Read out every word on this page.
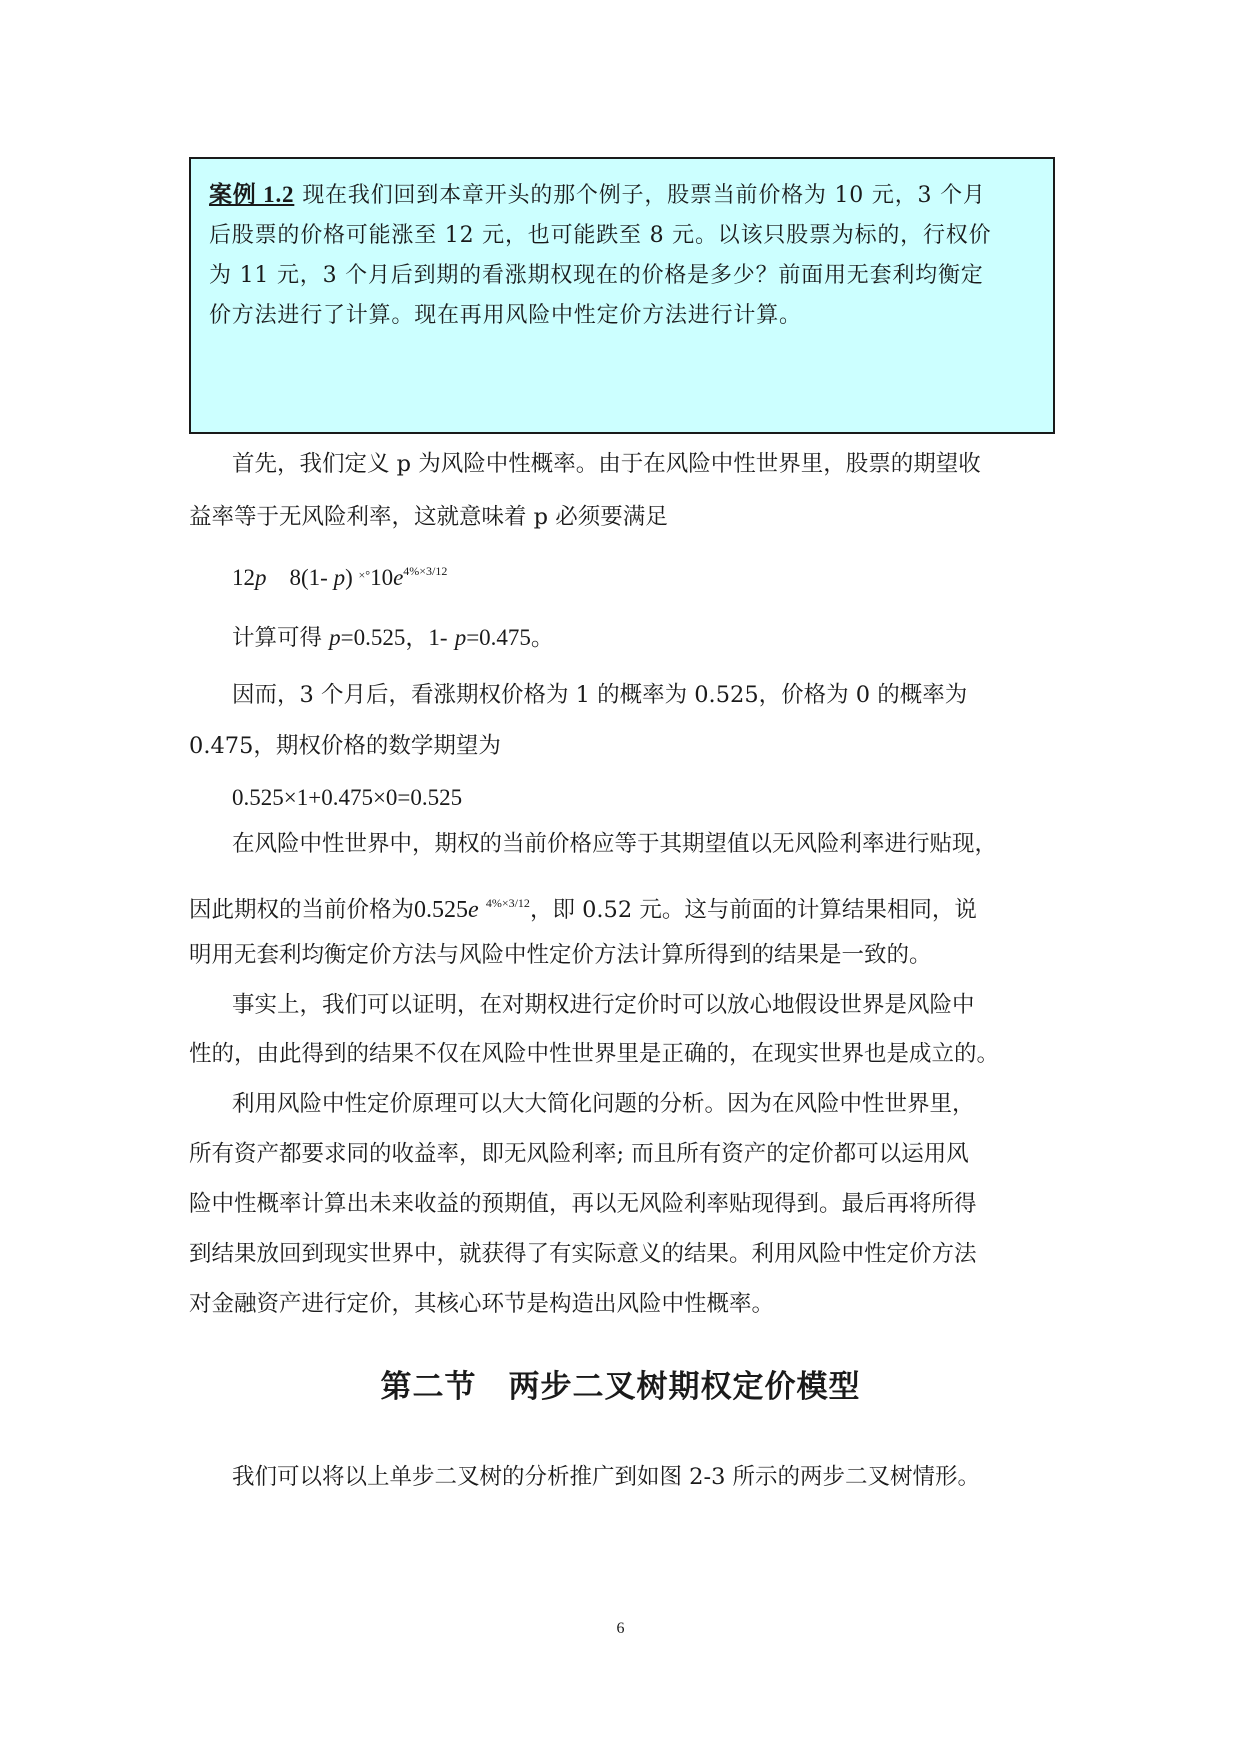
案例 1.2 现在我们回到本章开头的那个例子，股票当前价格为 10 元，3 个月
后股票的价格可能涨至 12 元，也可能跌至 8 元。以该只股票为标的，行权价
为 11 元，3 个月后到期的看涨期权现在的价格是多少？前面用无套利均衡定
价方法进行了计算。现在再用风险中性定价方法进行计算。
首先，我们定义 p 为风险中性概率。由于在风险中性世界里，股票的期望收
益率等于无风险利率，这就意味着 p 必须要满足
12p 8(1- p) $^{\times^\circ}10e^{4\%\times 3/12}$
计算可得 p=0.525，1- p=0.475。
因而，3 个月后，看涨期权价格为 1 的概率为 0.525，价格为 0 的概率为
0.475，期权价格的数学期望为
0.525×1+0.475×0=0.525
在风险中性世界中，期权的当前价格应等于其期望值以无风险利率进行贴现，
因此期权的当前价格为0.525e $^{4\%\times 3/12}$，即 0.52 元。这与前面的计算结果相同，说
明用无套利均衡定价方法与风险中性定价方法计算所得到的结果是一致的。
事实上，我们可以证明，在对期权进行定价时可以放心地假设世界是风险中
性的，由此得到的结果不仅在风险中性世界里是正确的，在现实世界也是成立的。
利用风险中性定价原理可以大大简化问题的分析。因为在风险中性世界里，
所有资产都要求同的收益率，即无风险利率; 而且所有资产的定价都可以运用风
险中性概率计算出未来收益的预期值，再以无风险利率贴现得到。最后再将所得
到结果放回到现实世界中，就获得了有实际意义的结果。利用风险中性定价方法
对金融资产进行定价，其核心环节是构造出风险中性概率。
第二节　两步二叉树期权定价模型
我们可以将以上单步二叉树的分析推广到如图 2-3 所示的两步二叉树情形。
6
